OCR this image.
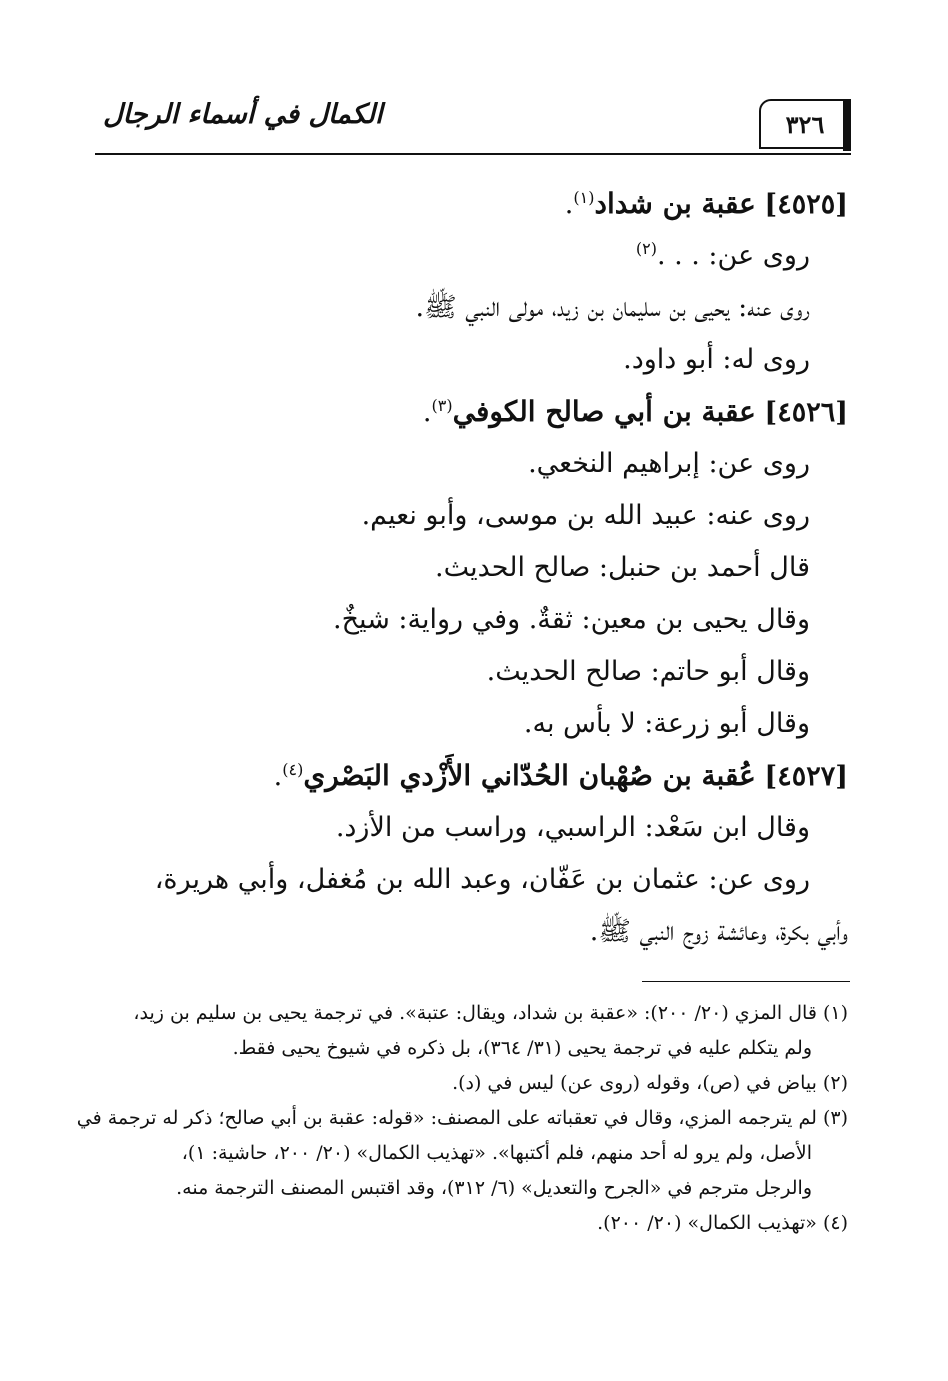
الكمال في أسماء الرجال	٣٢٦
[٤٥٢٥] عقبة بن شداد$^{(١)}$.
روى عن: . . .$^{(٢)}$
روى عنه: يحيى بن سليمان بن زيد، مولى النبي ﷺ.
روى له: أبو داود.
[٤٥٢٦] عقبة بن أبي صالح الكوفي$^{(٣)}$.
روى عن: إبراهيم النخعي.
روى عنه: عبيد الله بن موسى، وأبو نعيم.
قال أحمد بن حنبل: صالح الحديث.
وقال يحيى بن معين: ثقةٌ. وفي رواية: شيخٌ.
وقال أبو حاتم: صالح الحديث.
وقال أبو زرعة: لا بأس به.
[٤٥٢٧] عُقبة بن صُهْبان الحُدّاني الأَزْدي البَصْري$^{(٤)}$.
وقال ابن سَعْد: الراسبي، وراسب من الأزد.
روى عن: عثمان بن عَفّان، وعبد الله بن مُغفل، وأبي هريرة،
وأبي بكرة، وعائشة زوج النبي ﷺ.
(١) قال المزي (٢٠/ ٢٠٠): «عقبة بن شداد، ويقال: عتبة». في ترجمة يحيى بن سليم بن زيد،
ولم يتكلم عليه في ترجمة يحيى (٣١/ ٣٦٤)، بل ذكره في شيوخ يحيى فقط.
(٢) بياض في (ص)، وقوله (روى عن) ليس في (د).
(٣) لم يترجمه المزي، وقال في تعقباته على المصنف: «قوله: عقبة بن أبي صالح؛ ذكر له ترجمة في
الأصل، ولم يرو له أحد منهم، فلم أكتبها». «تهذيب الكمال» (٢٠/ ٢٠٠، حاشية: ١)،
والرجل مترجم في «الجرح والتعديل» (٦/ ٣١٢)، وقد اقتبس المصنف الترجمة منه.
(٤) «تهذيب الكمال» (٢٠/ ٢٠٠).
